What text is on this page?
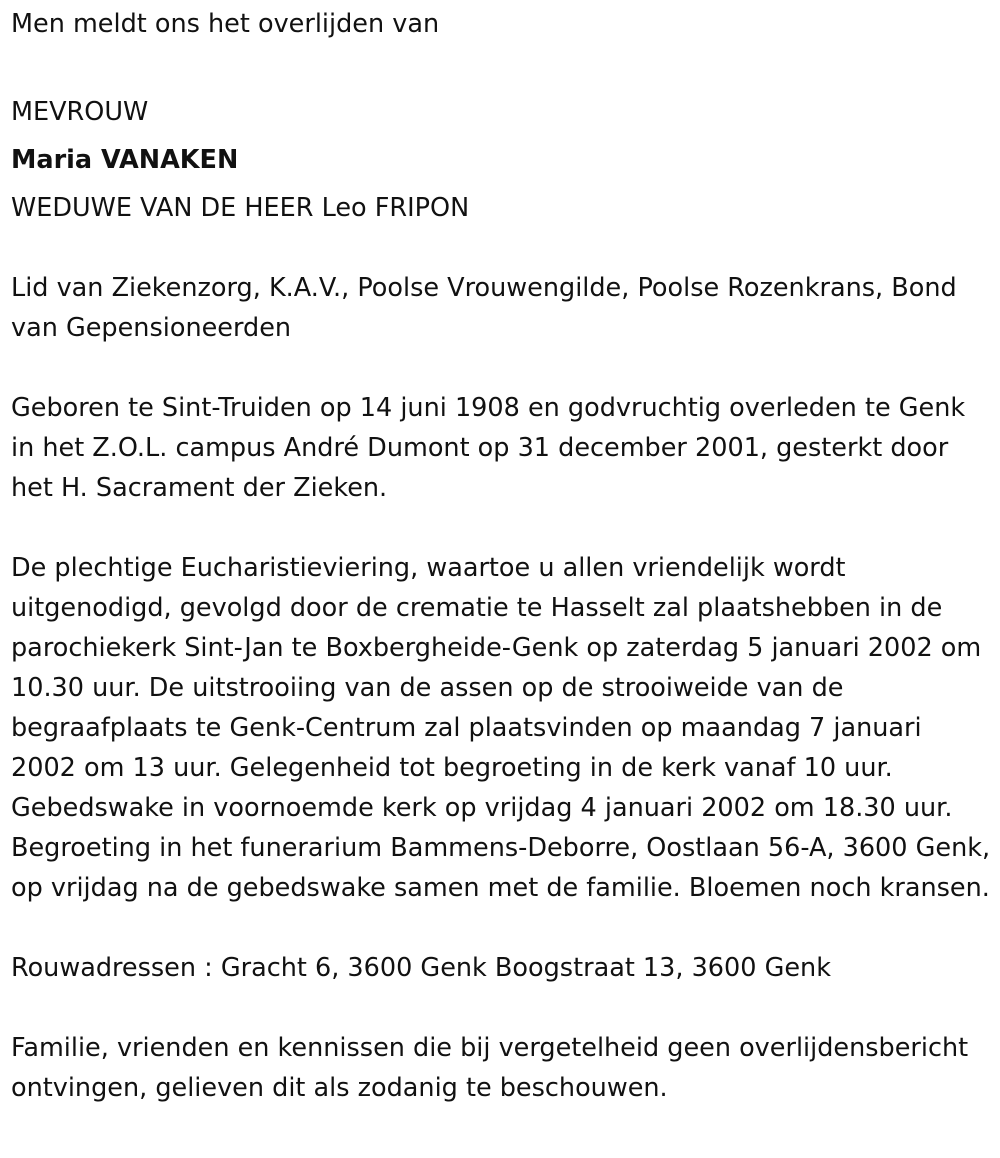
Men meldt ons het overlijden van

MEVROUW

Maria VANAKEN

WEDUWE VAN DE HEER Leo FRIPON

Lid van Ziekenzorg, K.A.V., Poolse Vrouwengilde, Poolse Rozenkrans, Bond van Gepensioneerden

Geboren te Sint-Truiden op 14 juni 1908 en godvruchtig overleden te Genk in het Z.O.L. campus André Dumont op 31 december 2001, gesterkt door het H. Sacrament der Zieken.

De plechtige Eucharistieviering, waartoe u allen vriendelijk wordt uitgenodigd, gevolgd door de crematie te Hasselt zal plaatshebben in de parochiekerk Sint-Jan te Boxbergheide-Genk op zaterdag 5 januari 2002 om 10.30 uur. De uitstrooiing van de assen op de strooiweide van de begraafplaats te Genk-Centrum zal plaatsvinden op maandag 7 januari 2002 om 13 uur. Gelegenheid tot begroeting in de kerk vanaf 10 uur. Gebedswake in voornoemde kerk op vrijdag 4 januari 2002 om 18.30 uur. Begroeting in het funerarium Bammens-Deborre, Oostlaan 56-A, 3600 Genk, op vrijdag na de gebedswake samen met de familie. Bloemen noch kransen.

Rouwadressen : Gracht 6, 3600 Genk Boogstraat 13, 3600 Genk

Familie, vrienden en kennissen die bij vergetelheid geen overlijdensbericht ontvingen, gelieven dit als zodanig te beschouwen.
